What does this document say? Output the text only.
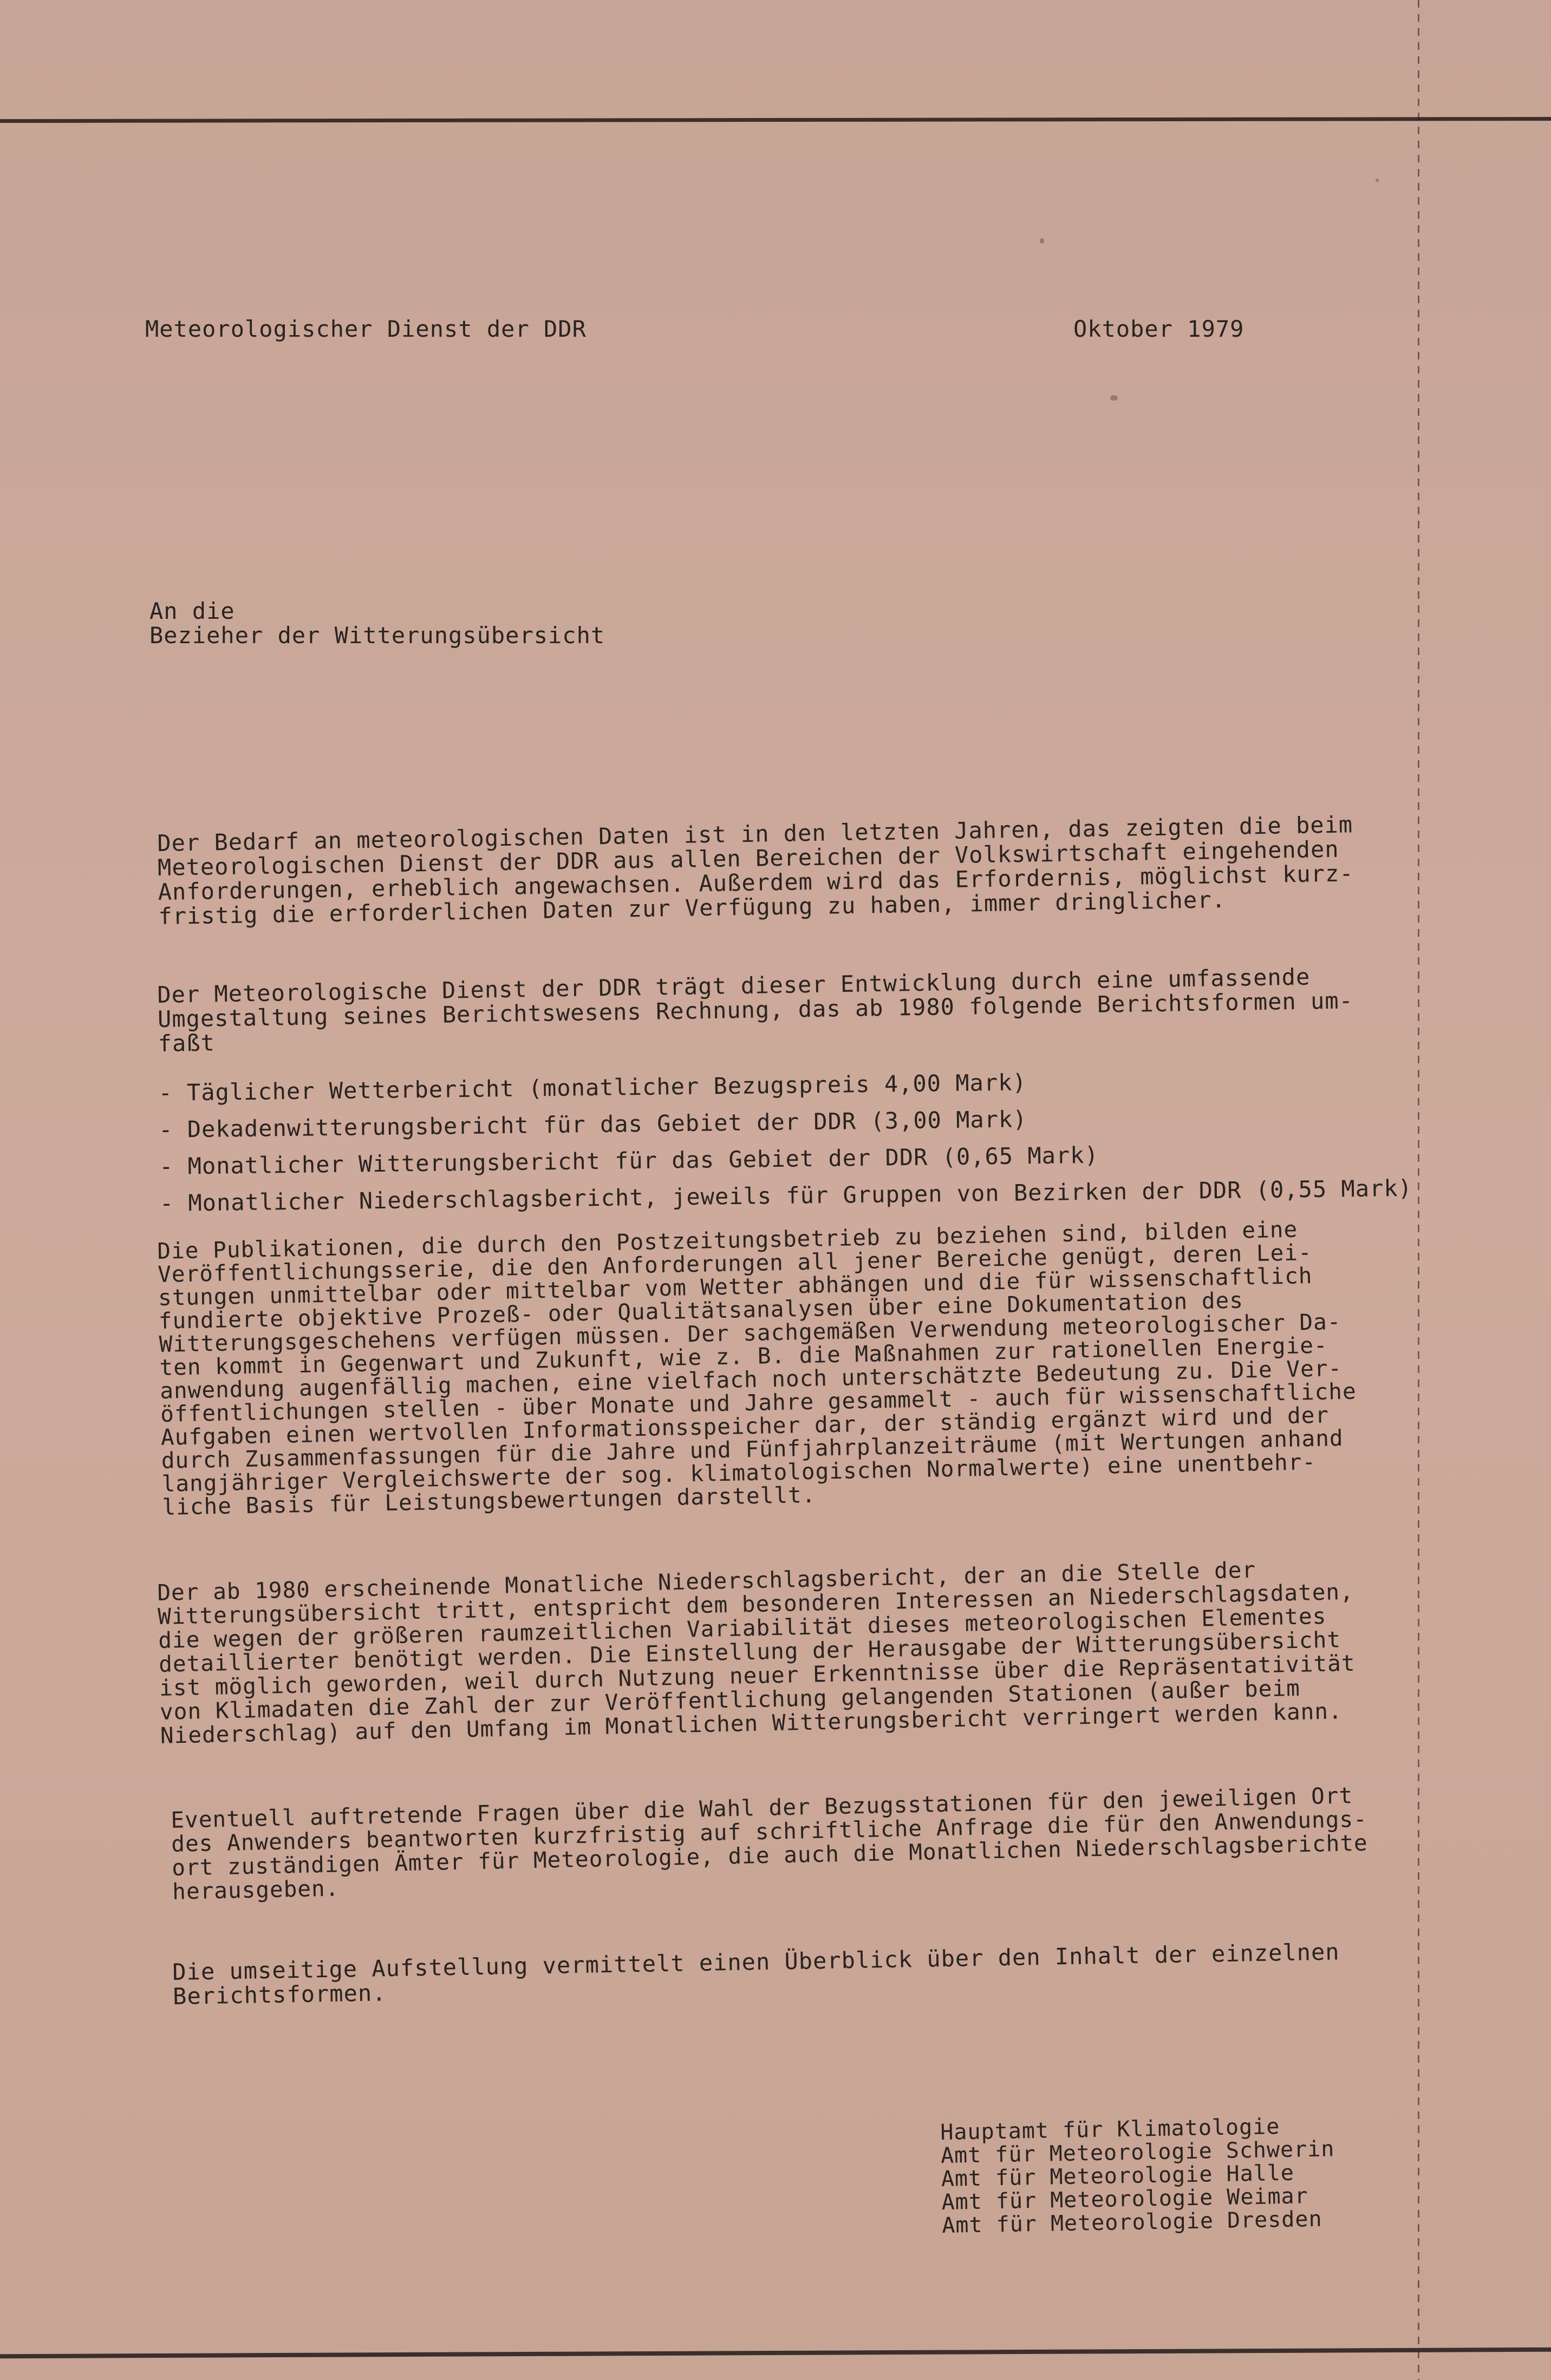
Meteorologischer Dienst der DDR	Oktober 1979

An die
Bezieher der Witterungsübersicht

Der Bedarf an meteorologischen Daten ist in den letzten Jahren, das zeigten die beim
Meteorologischen Dienst der DDR aus allen Bereichen der Volkswirtschaft eingehenden
Anforderungen, erheblich angewachsen. Außerdem wird das Erfordernis, möglichst kurz-
fristig die erforderlichen Daten zur Verfügung zu haben, immer dringlicher.

Der Meteorologische Dienst der DDR trägt dieser Entwicklung durch eine umfassende
Umgestaltung seines Berichtswesens Rechnung, das ab 1980 folgende Berichtsformen um-
faßt

- Täglicher Wetterbericht (monatlicher Bezugspreis 4,00 Mark)
- Dekadenwitterungsbericht für das Gebiet der DDR (3,00 Mark)
- Monatlicher Witterungsbericht für das Gebiet der DDR (0,65 Mark)
- Monatlicher Niederschlagsbericht, jeweils für Gruppen von Bezirken der DDR (0,55 Mark)

Die Publikationen, die durch den Postzeitungsbetrieb zu beziehen sind, bilden eine
Veröffentlichungsserie, die den Anforderungen all jener Bereiche genügt, deren Lei-
stungen unmittelbar oder mittelbar vom Wetter abhängen und die für wissenschaftlich
fundierte objektive Prozeß- oder Qualitätsanalysen über eine Dokumentation des
Witterungsgeschehens verfügen müssen. Der sachgemäßen Verwendung meteorologischer Da-
ten kommt in Gegenwart und Zukunft, wie z. B. die Maßnahmen zur rationellen Energie-
anwendung augenfällig machen, eine vielfach noch unterschätzte Bedeutung zu. Die Ver-
öffentlichungen stellen - über Monate und Jahre gesammelt - auch für wissenschaftliche
Aufgaben einen wertvollen Informationsspeicher dar, der ständig ergänzt wird und der
durch Zusammenfassungen für die Jahre und Fünfjahrplanzeiträume (mit Wertungen anhand
langjähriger Vergleichswerte der sog. klimatologischen Normalwerte) eine unentbehr-
liche Basis für Leistungsbewertungen darstellt.

Der ab 1980 erscheinende Monatliche Niederschlagsbericht, der an die Stelle der
Witterungsübersicht tritt, entspricht dem besonderen Interessen an Niederschlagsdaten,
die wegen der größeren raumzeitlichen Variabilität dieses meteorologischen Elementes
detaillierter benötigt werden. Die Einstellung der Herausgabe der Witterungsübersicht
ist möglich geworden, weil durch Nutzung neuer Erkenntnisse über die Repräsentativität
von Klimadaten die Zahl der zur Veröffentlichung gelangenden Stationen (außer beim
Niederschlag) auf den Umfang im Monatlichen Witterungsbericht verringert werden kann.

Eventuell auftretende Fragen über die Wahl der Bezugsstationen für den jeweiligen Ort
des Anwenders beantworten kurzfristig auf schriftliche Anfrage die für den Anwendungs-
ort zuständigen Ämter für Meteorologie, die auch die Monatlichen Niederschlagsberichte
herausgeben.

Die umseitige Aufstellung vermittelt einen Überblick über den Inhalt der einzelnen
Berichtsformen.

Hauptamt für Klimatologie
Amt für Meteorologie Schwerin
Amt für Meteorologie Halle
Amt für Meteorologie Weimar
Amt für Meteorologie Dresden
